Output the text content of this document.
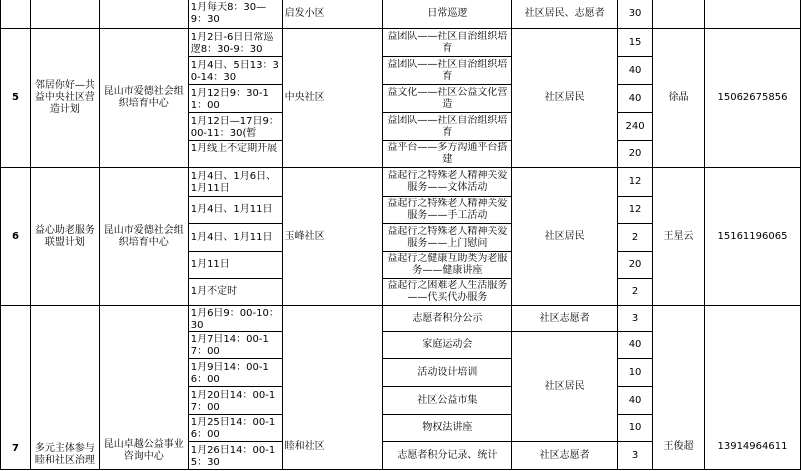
			1月每天8：30—9：30	启发小区	日常巡逻	社区居民、志愿者	30		
5	邻居你好—共益中央社区营造计划	昆山市爱德社会组织培育中心	1月2日-6日日常巡逻8：30-9：30	中央社区	益团队——社区自治组织培育	社区居民	15	徐晶	15062675856

			1月4日、5日13：30-14：30		益团队——社区自治组织培育		40		

			1月12日9：30-11：00		益文化——社区公益文化营造		40		

			1月12日—17日9：00-11：30(暂		益团队——社区自治组织培育		240		

			1月线上不定期开展		益平台——多方沟通平台搭建		20		
6	益心助老服务联盟计划	昆山市爱德社会组织培育中心	1月4日、1月6日、1月11日	玉峰社区	益起行之特殊老人精神关爱服务——文体活动	社区居民	12	王星云	15161196065
			1月4日、1月11日		益起行之特殊老人精神关爱服务——手工活动		12		
			1月4日、1月11日		益起行之特殊老人精神关爱服务——上门慰问		2		
			1月11日		益起行之健康互助类为老服务——健康讲座		20		
			1月不定时		益起行之困难老人生活服务——代买代办服务		2		
7	多元主体参与睦和社区治理	昆山卓越公益事业咨询中心	1月6日9：00-10：30	睦和社区	志愿者积分公示	社区志愿者	3	王俊超	13914964611

			1月7日14：00-17：00		家庭运动会	社区居民	40		

			1月9日14：00-16：00		活动设计培训		10		

			1月20日14：00-17：00		社区公益市集		40		

			1月25日14：00-16：00		物权法讲座		10		

			1月26日14：00-15：30		志愿者积分记录、统计	社区志愿者	3		
